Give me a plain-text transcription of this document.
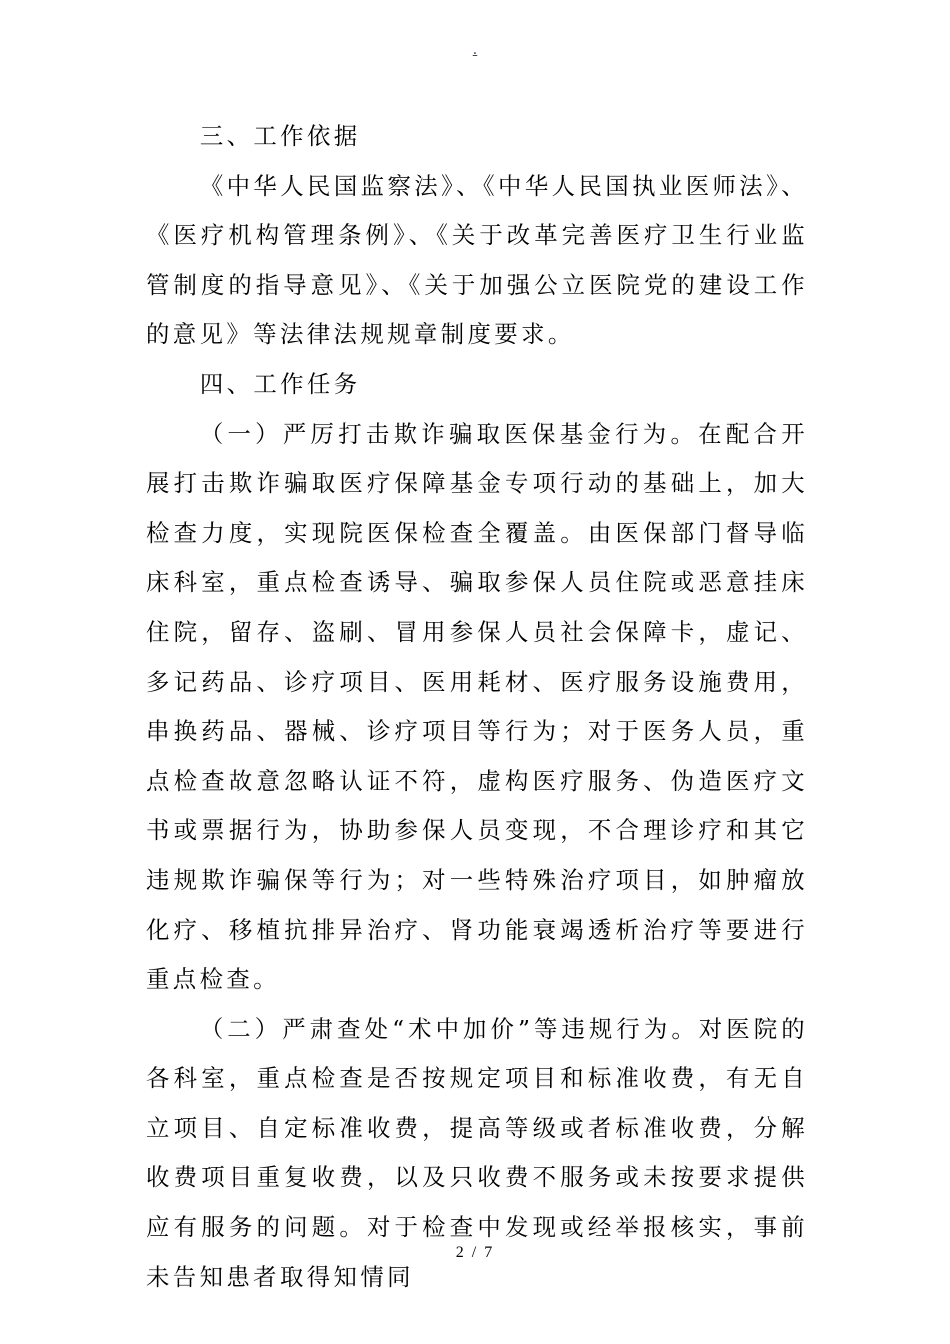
.

三、工作依据

《中华人民国监察法》、《中华人民国执业医师法》、《医疗机构管理条例》、《关于改革完善医疗卫生行业监管制度的指导意见》、《关于加强公立医院党的建设工作的意见》等法律法规规章制度要求。

四、工作任务

（一）严厉打击欺诈骗取医保基金行为。在配合开展打击欺诈骗取医疗保障基金专项行动的基础上，加大检查力度，实现院医保检查全覆盖。由医保部门督导临床科室，重点检查诱导、骗取参保人员住院或恶意挂床住院，留存、盗刷、冒用参保人员社会保障卡，虚记、多记药品、诊疗项目、医用耗材、医疗服务设施费用，串换药品、器械、诊疗项目等行为；对于医务人员，重点检查故意忽略认证不符，虚构医疗服务、伪造医疗文书或票据行为，协助参保人员变现，不合理诊疗和其它违规欺诈骗保等行为；对一些特殊治疗项目，如肿瘤放化疗、移植抗排异治疗、肾功能衰竭透析治疗等要进行重点检查。

（二）严肃查处“术中加价”等违规行为。对医院的各科室，重点检查是否按规定项目和标准收费，有无自立项目、自定标准收费，提高等级或者标准收费，分解收费项目重复收费，以及只收费不服务或未按要求提供应有服务的问题。对于检查中发现或经举报核实，事前未告知患者取得知情同

2 / 7
